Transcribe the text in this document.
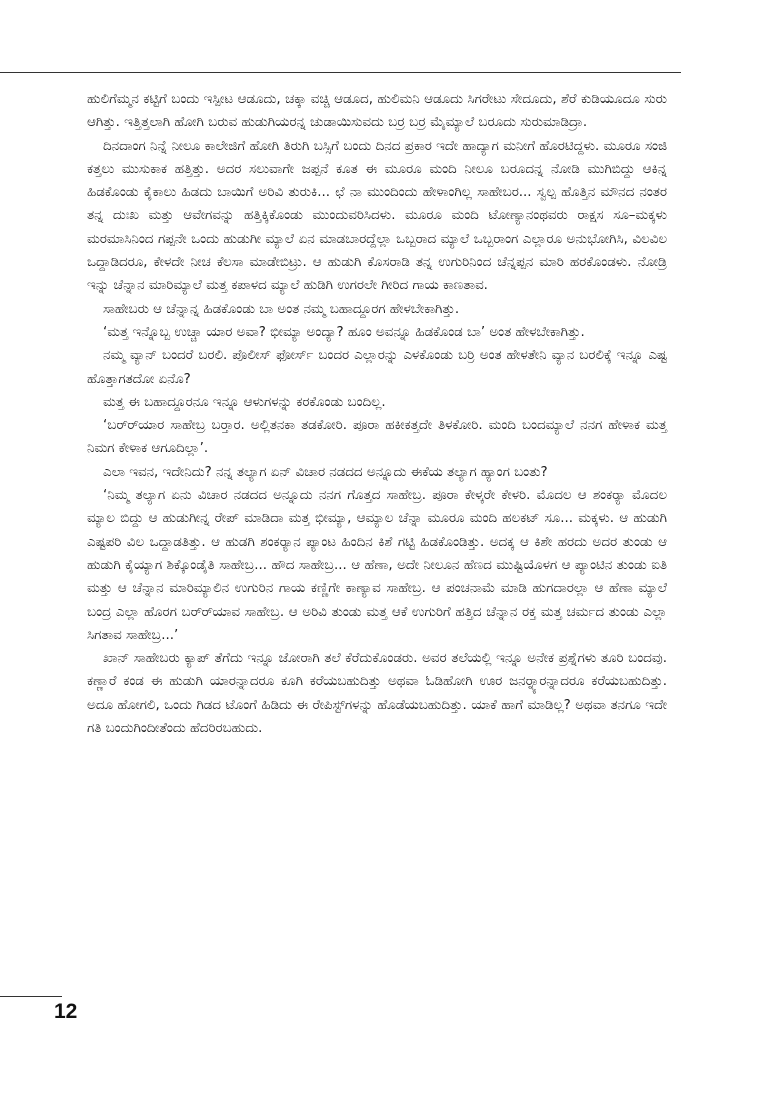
ಹುಲಿಗೆಮ್ಮನ ಕಟ್ಟಿಗೆ ಬಂದು ಇಸ್ಪೀಟ ಆಡೂದು, ಚಕ್ಕಾ ವಚ್ಚಿ ಆಡೂದ, ಹುಲಿಮನಿ ಆಡೂದು ಸಿಗರೇಟು ಸೇದೂದು, ಶೆರೆ ಕುಡಿಯೂದೂ ಸುರು ಆಗಿತ್ತು. ಇತ್ತಿತ್ತಲಾಗಿ ಹೋಗಿ ಬರುವ ಹುಡುಗಿಯರನ್ನ ಚುಡಾಯಿಸುವದು ಬರ್‍ರ ಬರ್‍ರ ಮೈಮ್ಯಾಲೆ ಬರೂದು ಸುರುಮಾಡಿದ್ರಾ.

ದಿನದಾಂಗ ನಿನ್ನೆ ನೀಲೂ ಕಾಲೇಜಿಗೆ ಹೋಗಿ ತಿರುಗಿ ಬಸ್ಸಿಗೆ ಬಂದು ದಿನದ ಪ್ರಕಾರ ಇದೇ ಹಾದ್ಯಾಗ ಮನೀಗೆ ಹೊರಟಿದ್ದಳು. ಮೂರೂ ಸಂಜಿ ಕತ್ತಲು ಮುಸುಕಾಕ ಹತ್ತಿತ್ತು. ಅದರ ಸಲುವಾಗೇ ಜಪ್ಪನೆ ಕೂತ ಈ ಮೂರೂ ಮಂದಿ ನೀಲೂ ಬರೂದನ್ನ ನೋಡಿ ಮುಗಿಬಿದ್ದು ಆಕಿನ್ನ ಹಿಡಕೊಂಡು ಕೈಕಾಲು ಹಿಡದು ಬಾಯಿಗೆ ಅರಿವಿ ತುರುಕಿ... ಛೆ ನಾ ಮುಂದಿಂದು ಹೇಳಾಂಗಿಲ್ಲ ಸಾಹೇಬರ... ಸ್ವಲ್ಪ ಹೊತ್ತಿನ ಮೌನದ ನಂತರ ತನ್ನ ದುಃಖ ಮತ್ತು ಆವೇಗವನ್ನು ಹತ್ತಿಕ್ಕಿಕೊಂಡು ಮುಂದುವರಿಸಿದಳು. ಮೂರೂ ಮಂದಿ ಟೋಣ್ಯಾನಂಥವರು ರಾಕ್ಷಸ ಸೂ–ಮಕ್ಕಳು ಮರಮಾಸಿನಿಂದ ಗಪ್ಪನೇ ಒಂದು ಹುಡುಗೀ ಮ್ಯಾಲೆ ಏನ ಮಾಡಬಾರದ್ದೆಲ್ಲಾ ಒಬ್ಬರಾದ ಮ್ಯಾಲೆ ಒಬ್ಬರಾಂಗ ಎಲ್ಲಾರೂ ಅನುಭೋಗಿಸಿ, ವಿಲವಿಲ ಒದ್ದಾಡಿದರೂ, ಕೇಳದೇ ನೀಚ ಕೆಲಸಾ ಮಾಡೇಬಿಟ್ರು. ಆ ಹುಡುಗಿ ಕೊಸರಾಡಿ ತನ್ನ ಉಗುರಿನಿಂದ ಚೆನ್ನಪ್ಪನ ಮಾರಿ ಹರಕೊಂಡಳು. ನೋಡ್ರಿ ಇನ್ನು ಚೆನ್ನಾನ ಮಾರಿಮ್ಯಾಲೆ ಮತ್ತ ಕಪಾಳದ ಮ್ಯಾಲೆ ಹುಡಿಗಿ ಉಗರಲೇ ಗೀರಿದ ಗಾಯ ಕಾಣತಾವ.

ಸಾಹೇಬರು ಆ ಚೆನ್ನಾನ್ನ ಹಿಡಕೊಂಡು ಬಾ ಅಂತ ನಮ್ಮ ಬಹಾದ್ದೂರಗ ಹೇಳಬೇಕಾಗಿತ್ತು.

‘ಮತ್ತ ಇನ್ನೊಬ್ಬ ಉಚ್ಚಾ ಯಾರ ಅವಾ? ಭೀಮ್ಯಾ ಅಂದ್ಯಾ? ಹೂಂ ಅವನ್ನೂ ಹಿಡಕೊಂಡ ಬಾ’ ಅಂತ ಹೇಳಬೇಕಾಗಿತ್ತು.

ನಮ್ಮ ವ್ಯಾನ್ ಬಂದರೆ ಬರಲಿ. ಪೊಲೀಸ್ ಫೋರ್ಸ್ ಬಂದರ ಎಲ್ಲಾರನ್ನು ಎಳಕೊಂಡು ಬರ್‍ರಿ ಅಂತ ಹೇಳತೇನಿ ವ್ಯಾನ ಬರಲಿಕ್ಕೆ ಇನ್ನೂ ಎಷ್ಟ ಹೊತ್ತಾಗತದೋ ಏನೊ?

ಮತ್ತ ಈ ಬಹಾದ್ದೂರನೂ ಇನ್ನೂ ಆಳುಗಳನ್ನು ಕರಕೊಂಡು ಬಂದಿಲ್ಲ.

‘ಬರ್‍ರ್‍ಯಾರ ಸಾಹೇಬ್ರ ಬರ್‍ತಾರ. ಅಲ್ಲಿತನಕಾ ತಡಕೋರಿ. ಪೂರಾ ಹಕೀಕತ್ತದೇ ತಿಳಕೋರಿ. ಮಂದಿ ಬಂದಮ್ಯಾಲೆ ನನಗ ಹೇಳಾಕ ಮತ್ತ ನಿಮಗ ಕೇಳಾಕ ಆಗೂದಿಲ್ಲಾ’.

ಎಲಾ ಇವನ, ಇದೇನಿದು? ನನ್ನ ತಲ್ಯಾಗ ಏನ್ ವಿಚಾರ ನಡದದ ಅನ್ನೂದು ಈಕೆಯ ತಲ್ಯಾಗ ಹ್ಯಾಂಗ ಬಂತು?

‘ನಿಮ್ಮ ತಲ್ಯಾಗ ಏನು ವಿಚಾರ ನಡದದ ಅನ್ನೂದು ನನಗ ಗೊತ್ತದ ಸಾಹೇಬ್ರ. ಪೂರಾ ಕೇಳ್ಕರೇ ಕೇಳರಿ. ಮೊದಲ ಆ ಶಂಕರ್‍ಯಾ ಮೊದಲ ಮ್ಯಾಲ ಬಿದ್ದು ಆ ಹುಡುಗೀನ್ನ ರೇಪ್ ಮಾಡಿದಾ ಮತ್ತ ಭೀಮ್ಯಾ, ಆಮ್ಯಾಲ ಚೆನ್ನಾ ಮೂರೂ ಮಂದಿ ಹಲಕಟ್ ಸೂ... ಮಕ್ಕಳು. ಆ ಹುಡುಗಿ ಎಷ್ಟಪರಿ ವಿಲ ಒದ್ದಾಡತಿತ್ತು. ಆ ಹುಡಗಿ ಶಂಕರ್‍ಯಾನ ಪ್ಯಾಂಟ ಹಿಂದಿನ ಕಿಶೆ ಗಟ್ಟಿ ಹಿಡಕೊಂಡಿತ್ತು. ಅದಕ್ಕ ಆ ಕಿಶೇ ಹರದು ಅದರ ತುಂಡು ಆ ಹುಡುಗಿ ಕೈಯ್ಯಾಗ ಶಿಕ್ಕೊಂಡೈತಿ ಸಾಹೇಬ್ರ... ಹೌದ ಸಾಹೇಬ್ರ... ಆ ಹೆಣಾ, ಅದೇ ನೀಲೂನ ಹೆಣದ ಮುಷ್ಟಿಯೊಳಗ ಆ ಪ್ಯಾಂಟಿನ ತುಂಡು ಐತಿ ಮತ್ತು ಆ ಚೆನ್ನಾನ ಮಾರಿಮ್ಯಾಲಿನ ಉಗುರಿನ ಗಾಯ ಕಣ್ಣಿಗೇ ಕಾಣ್ಯಾವ ಸಾಹೇಬ್ರ. ಆ ಪಂಚನಾಮೆ ಮಾಡಿ ಹುಗದಾರಲ್ಲಾ ಆ ಹೆಣಾ ಮ್ಯಾಲೆ ಬಂದ್ರ ಎಲ್ಲಾ ಹೊರಗ ಬರ್‍ರ್‍ಯಾವ ಸಾಹೇಬ್ರ. ಆ ಅರಿವಿ ತುಂಡು ಮತ್ತ ಆಕೆ ಉಗುರಿಗೆ ಹತ್ತಿದ ಚೆನ್ನಾನ ರಕ್ತ ಮತ್ತ ಚರ್ಮದ ತುಂಡು ಎಲ್ಲಾ ಸಿಗತಾವ ಸಾಹೇಬ್ರ...’

ಖಾನ್ ಸಾಹೇಬರು ಕ್ಯಾಪ್ ತೆಗೆದು ಇನ್ನೂ ಜೋರಾಗಿ ತಲೆ ಕೆರೆದುಕೊಂಡರು. ಅವರ ತಲೆಯಲ್ಲಿ ಇನ್ನೂ ಅನೇಕ ಪ್ರಶ್ನೆಗಳು ತೂರಿ ಬಂದವು. ಕಣ್ಣಾರೆ ಕಂಡ ಈ ಹುಡುಗಿ ಯಾರನ್ನಾದರೂ ಕೂಗಿ ಕರೆಯಬಹುದಿತ್ತು ಅಥವಾ ಓಡಿಹೋಗಿ ಊರ ಜನರ್‍ನ್ಯಾರನ್ನಾದರೂ ಕರೆಯಬಹುದಿತ್ತು. ಅದೂ ಹೋಗಲಿ, ಒಂದು ಗಿಡದ ಟೊಂಗೆ ಹಿಡಿದು ಈ ರೇಪಿಸ್ಟ್‌ಗಳನ್ನು ಹೊಡೆಯಬಹುದಿತ್ತು. ಯಾಕೆ ಹಾಗೆ ಮಾಡಿಲ್ಲ? ಅಥವಾ ತನಗೂ ಇದೇ ಗತಿ ಬಂದುಗಿಂದೀತೆಂದು ಹೆದರಿರಬಹುದು.

12
